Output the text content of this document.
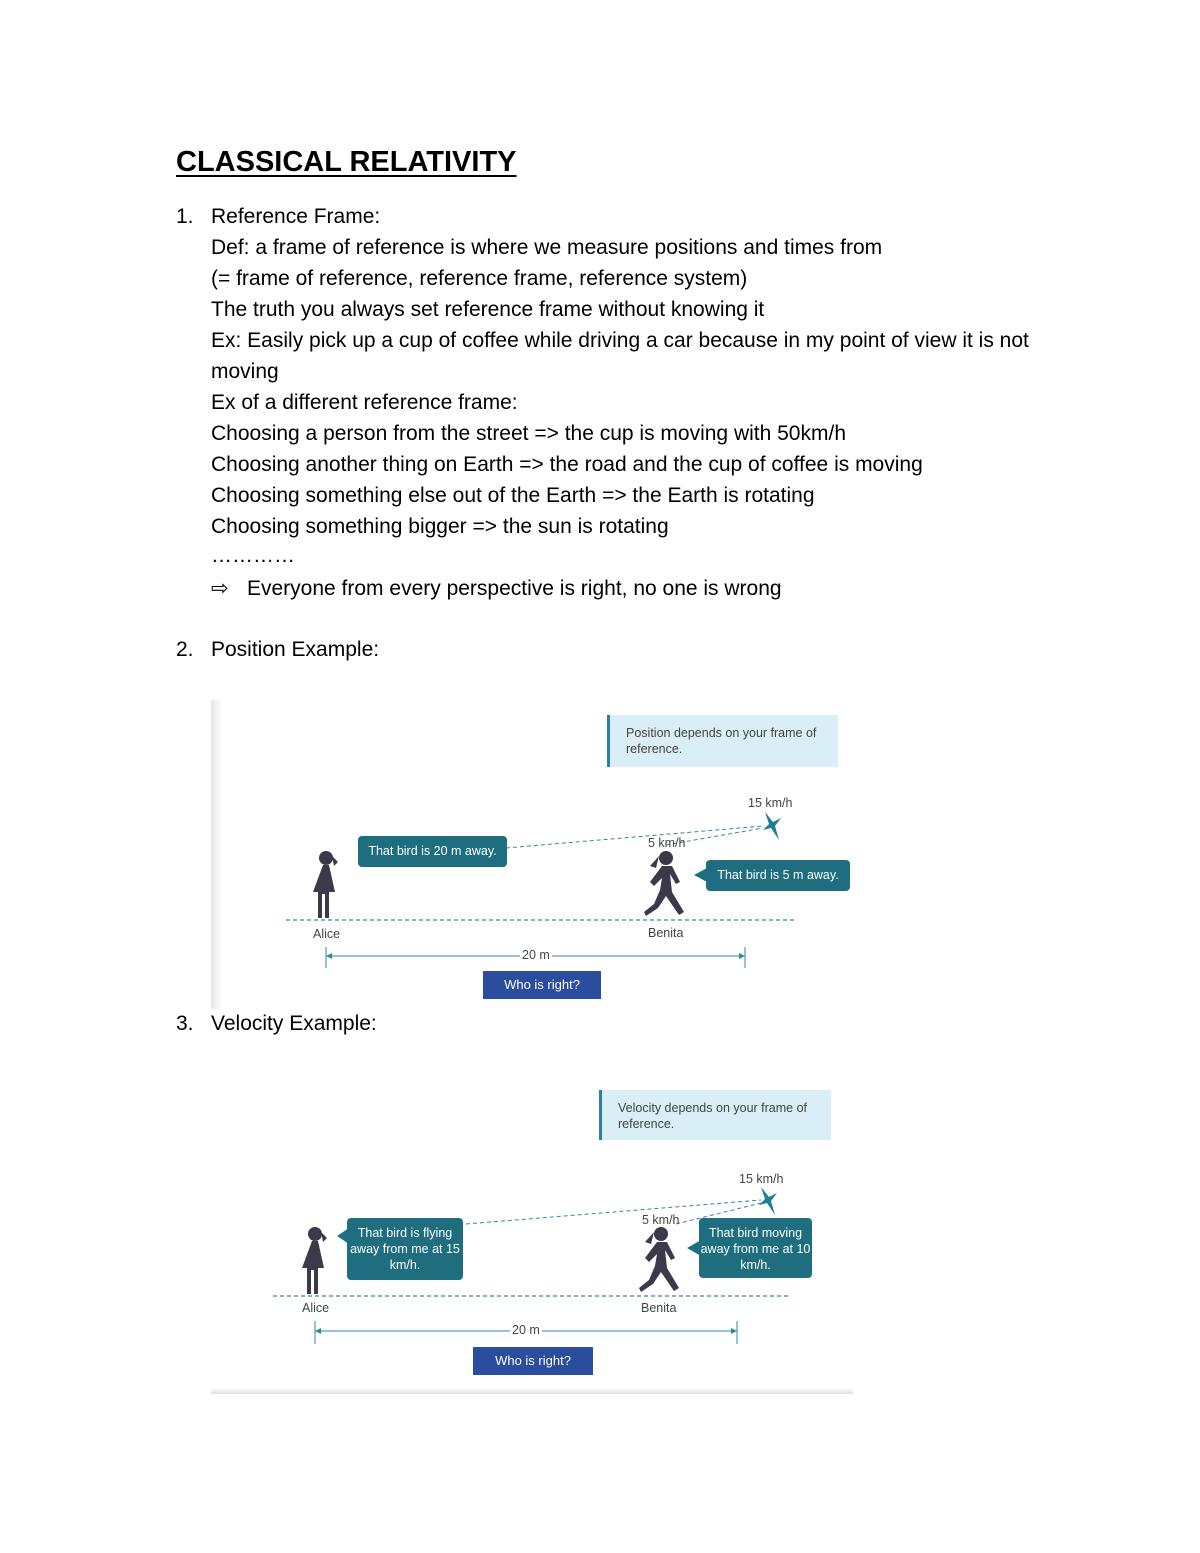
CLASSICAL RELATIVITY
1. Reference Frame:
Def: a frame of reference is where we measure positions and times from
(= frame of reference, reference frame, reference system)
The truth you always set reference frame without knowing it
Ex: Easily pick up a cup of coffee while driving a car because in my point of view it is not
moving
Ex of a different reference frame:
Choosing a person from the street => the cup is moving with 50km/h
Choosing another thing on Earth => the road and the cup of coffee is moving
Choosing something else out of the Earth => the Earth is rotating
Choosing something bigger => the sun is rotating
…………
⇨ Everyone from every perspective is right, no one is wrong
2. Position Example:
Position depends on your frame of reference.
15 km/h
5 km/h
That bird is 20 m away.
That bird is 5 m away.
Alice	Benita
20 m
Who is right?
3. Velocity Example:
Velocity depends on your frame of reference.
15 km/h
5 km/h
That bird is flying away from me at 15 km/h.
That bird moving away from me at 10 km/h.
Alice	Benita
20 m
Who is right?
